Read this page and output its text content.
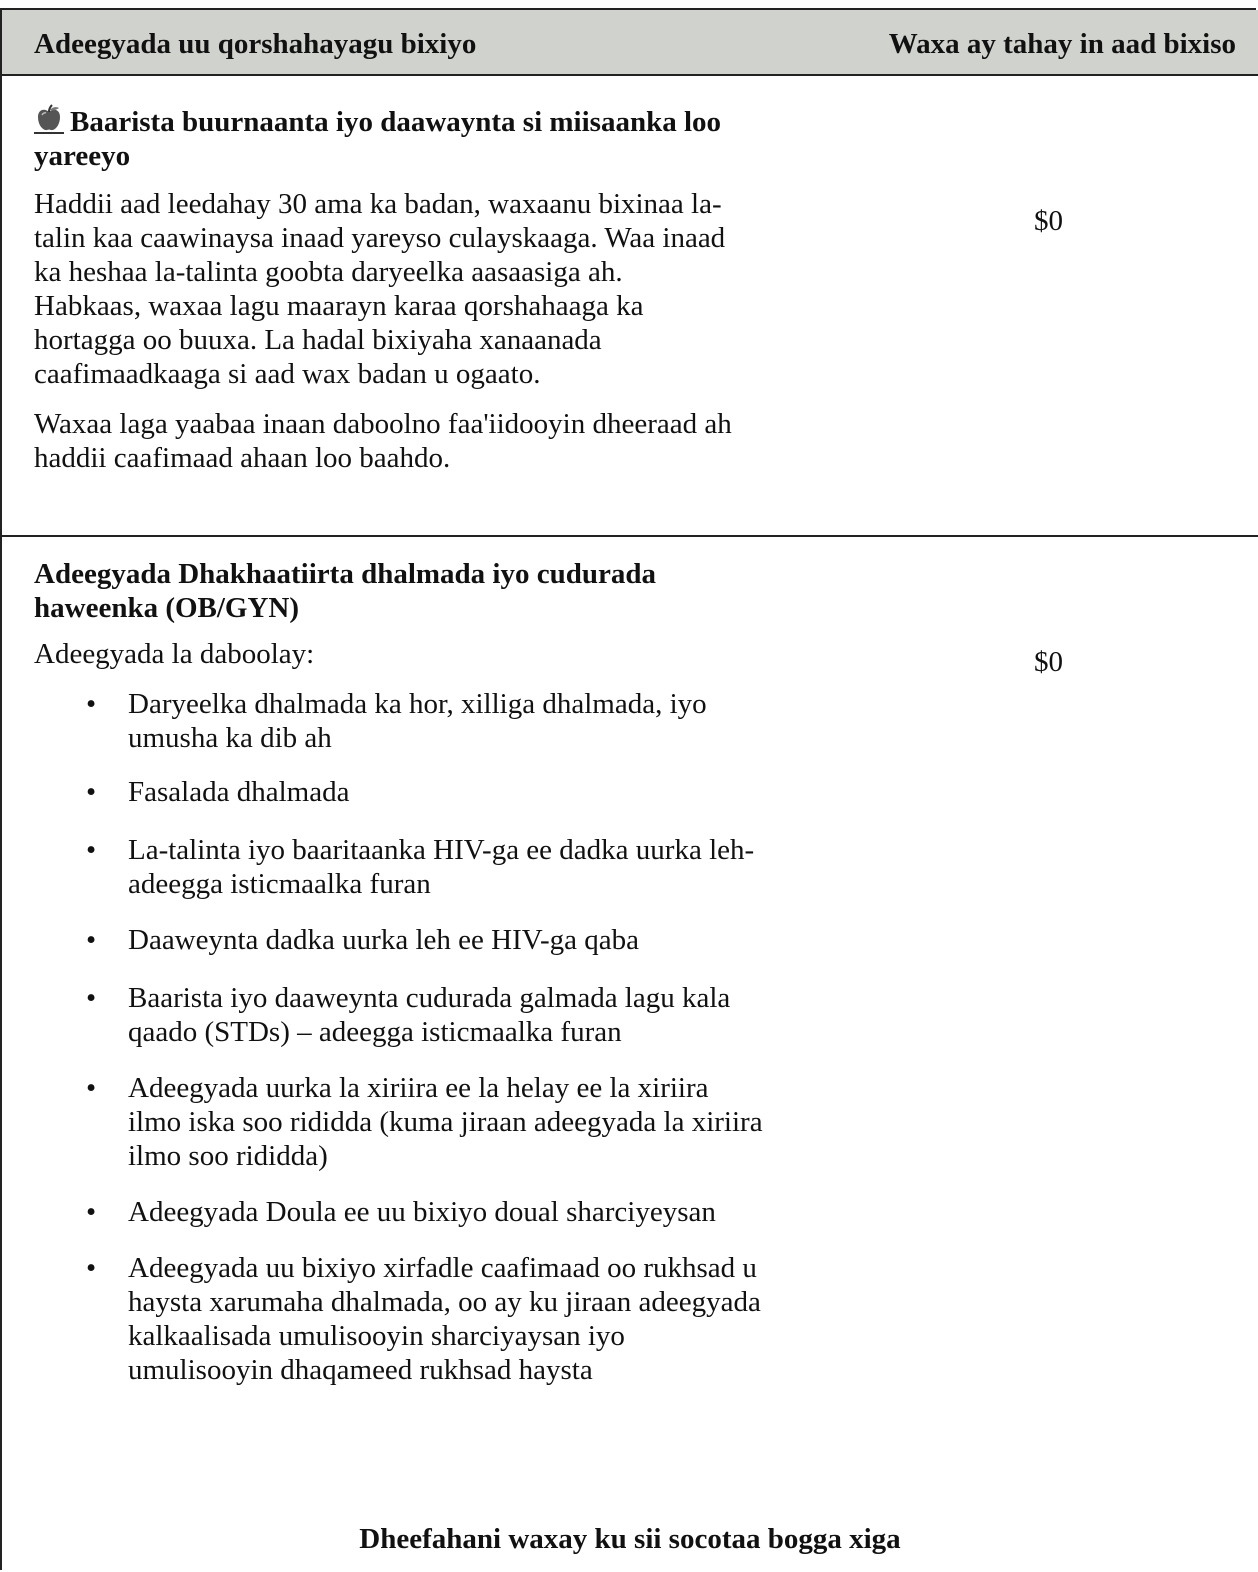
Adeegyada uu qorshahayagu bixiyo	Waxa ay tahay in aad bixiso
Baarista buurnaanta iyo daawaynta si miisaanka loo
yareeyo

Haddii aad leedahay 30 ama ka badan, waxaanu bixinaa la-
talin kaa caawinaysa inaad yareyso culayskaaga. Waa inaad
ka heshaa la-talinta goobta daryeelka aasaasiga ah.
Habkaas, waxaa lagu maarayn karaa qorshahaaga ka
hortagga oo buuxa. La hadal bixiyaha xanaanada
caafimaadkaaga si aad wax badan u ogaato.

Waxaa laga yaabaa inaan daboolno faa'iidooyin dheeraad ah
haddii caafimaad ahaan loo baahdo.

$0
Adeegyada Dhakhaatiirta dhalmada iyo cudurada
haweenka (OB/GYN)

Adeegyada la daboolay:

• Daryeelka dhalmada ka hor, xilliga dhalmada, iyo
umusha ka dib ah
• Fasalada dhalmada
• La-talinta iyo baaritaanka HIV-ga ee dadka uurka leh-
adeegga isticmaalka furan
• Daaweynta dadka uurka leh ee HIV-ga qaba
• Baarista iyo daaweynta cudurada galmada lagu kala
qaado (STDs) – adeegga isticmaalka furan
• Adeegyada uurka la xiriira ee la helay ee la xiriira
ilmo iska soo rididda (kuma jiraan adeegyada la xiriira
ilmo soo rididda)
• Adeegyada Doula ee uu bixiyo doual sharciyeysan
• Adeegyada uu bixiyo xirfadle caafimaad oo rukhsad u
haysta xarumaha dhalmada, oo ay ku jiraan adeegyada
kalkaalisada umulisooyin sharciyaysan iyo
umulisooyin dhaqameed rukhsad haysta
$0
Dheefahani waxay ku sii socotaa bogga xiga
